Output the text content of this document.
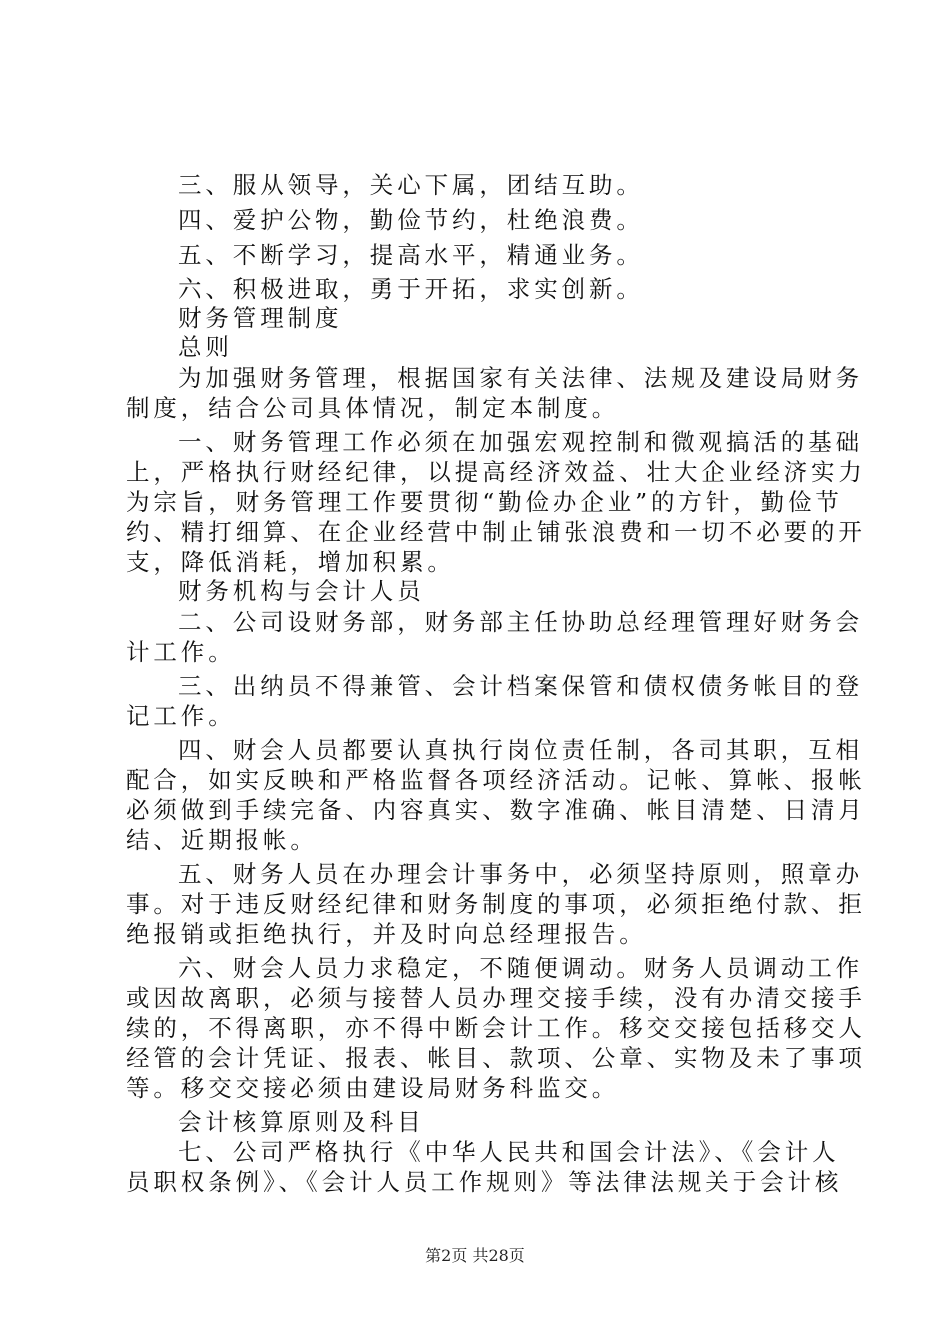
三、服从领导，关心下属，团结互助。
四、爱护公物，勤俭节约，杜绝浪费。
五、不断学习，提高水平，精通业务。
六、积极进取，勇于开拓，求实创新。
财务管理制度
总则
为加强财务管理，根据国家有关法律、法规及建设局财务
制度，结合公司具体情况，制定本制度。
一、财务管理工作必须在加强宏观控制和微观搞活的基础
上，严格执行财经纪律，以提高经济效益、壮大企业经济实力
为宗旨，财务管理工作要贯彻“勤俭办企业”的方针，勤俭节
约、精打细算、在企业经营中制止铺张浪费和一切不必要的开
支，降低消耗，增加积累。
财务机构与会计人员
二、公司设财务部，财务部主任协助总经理管理好财务会
计工作。
三、出纳员不得兼管、会计档案保管和债权债务帐目的登
记工作。
四、财会人员都要认真执行岗位责任制，各司其职，互相
配合，如实反映和严格监督各项经济活动。记帐、算帐、报帐
必须做到手续完备、内容真实、数字准确、帐目清楚、日清月
结、近期报帐。
五、财务人员在办理会计事务中，必须坚持原则，照章办
事。对于违反财经纪律和财务制度的事项，必须拒绝付款、拒
绝报销或拒绝执行，并及时向总经理报告。
六、财会人员力求稳定，不随便调动。财务人员调动工作
或因故离职，必须与接替人员办理交接手续，没有办清交接手
续的，不得离职，亦不得中断会计工作。移交交接包括移交人
经管的会计凭证、报表、帐目、款项、公章、实物及未了事项
等。移交交接必须由建设局财务科监交。
会计核算原则及科目
七、公司严格执行《中华人民共和国会计法》、《会计人
员职权条例》、《会计人员工作规则》等法律法规关于会计核
第2页 共28页
